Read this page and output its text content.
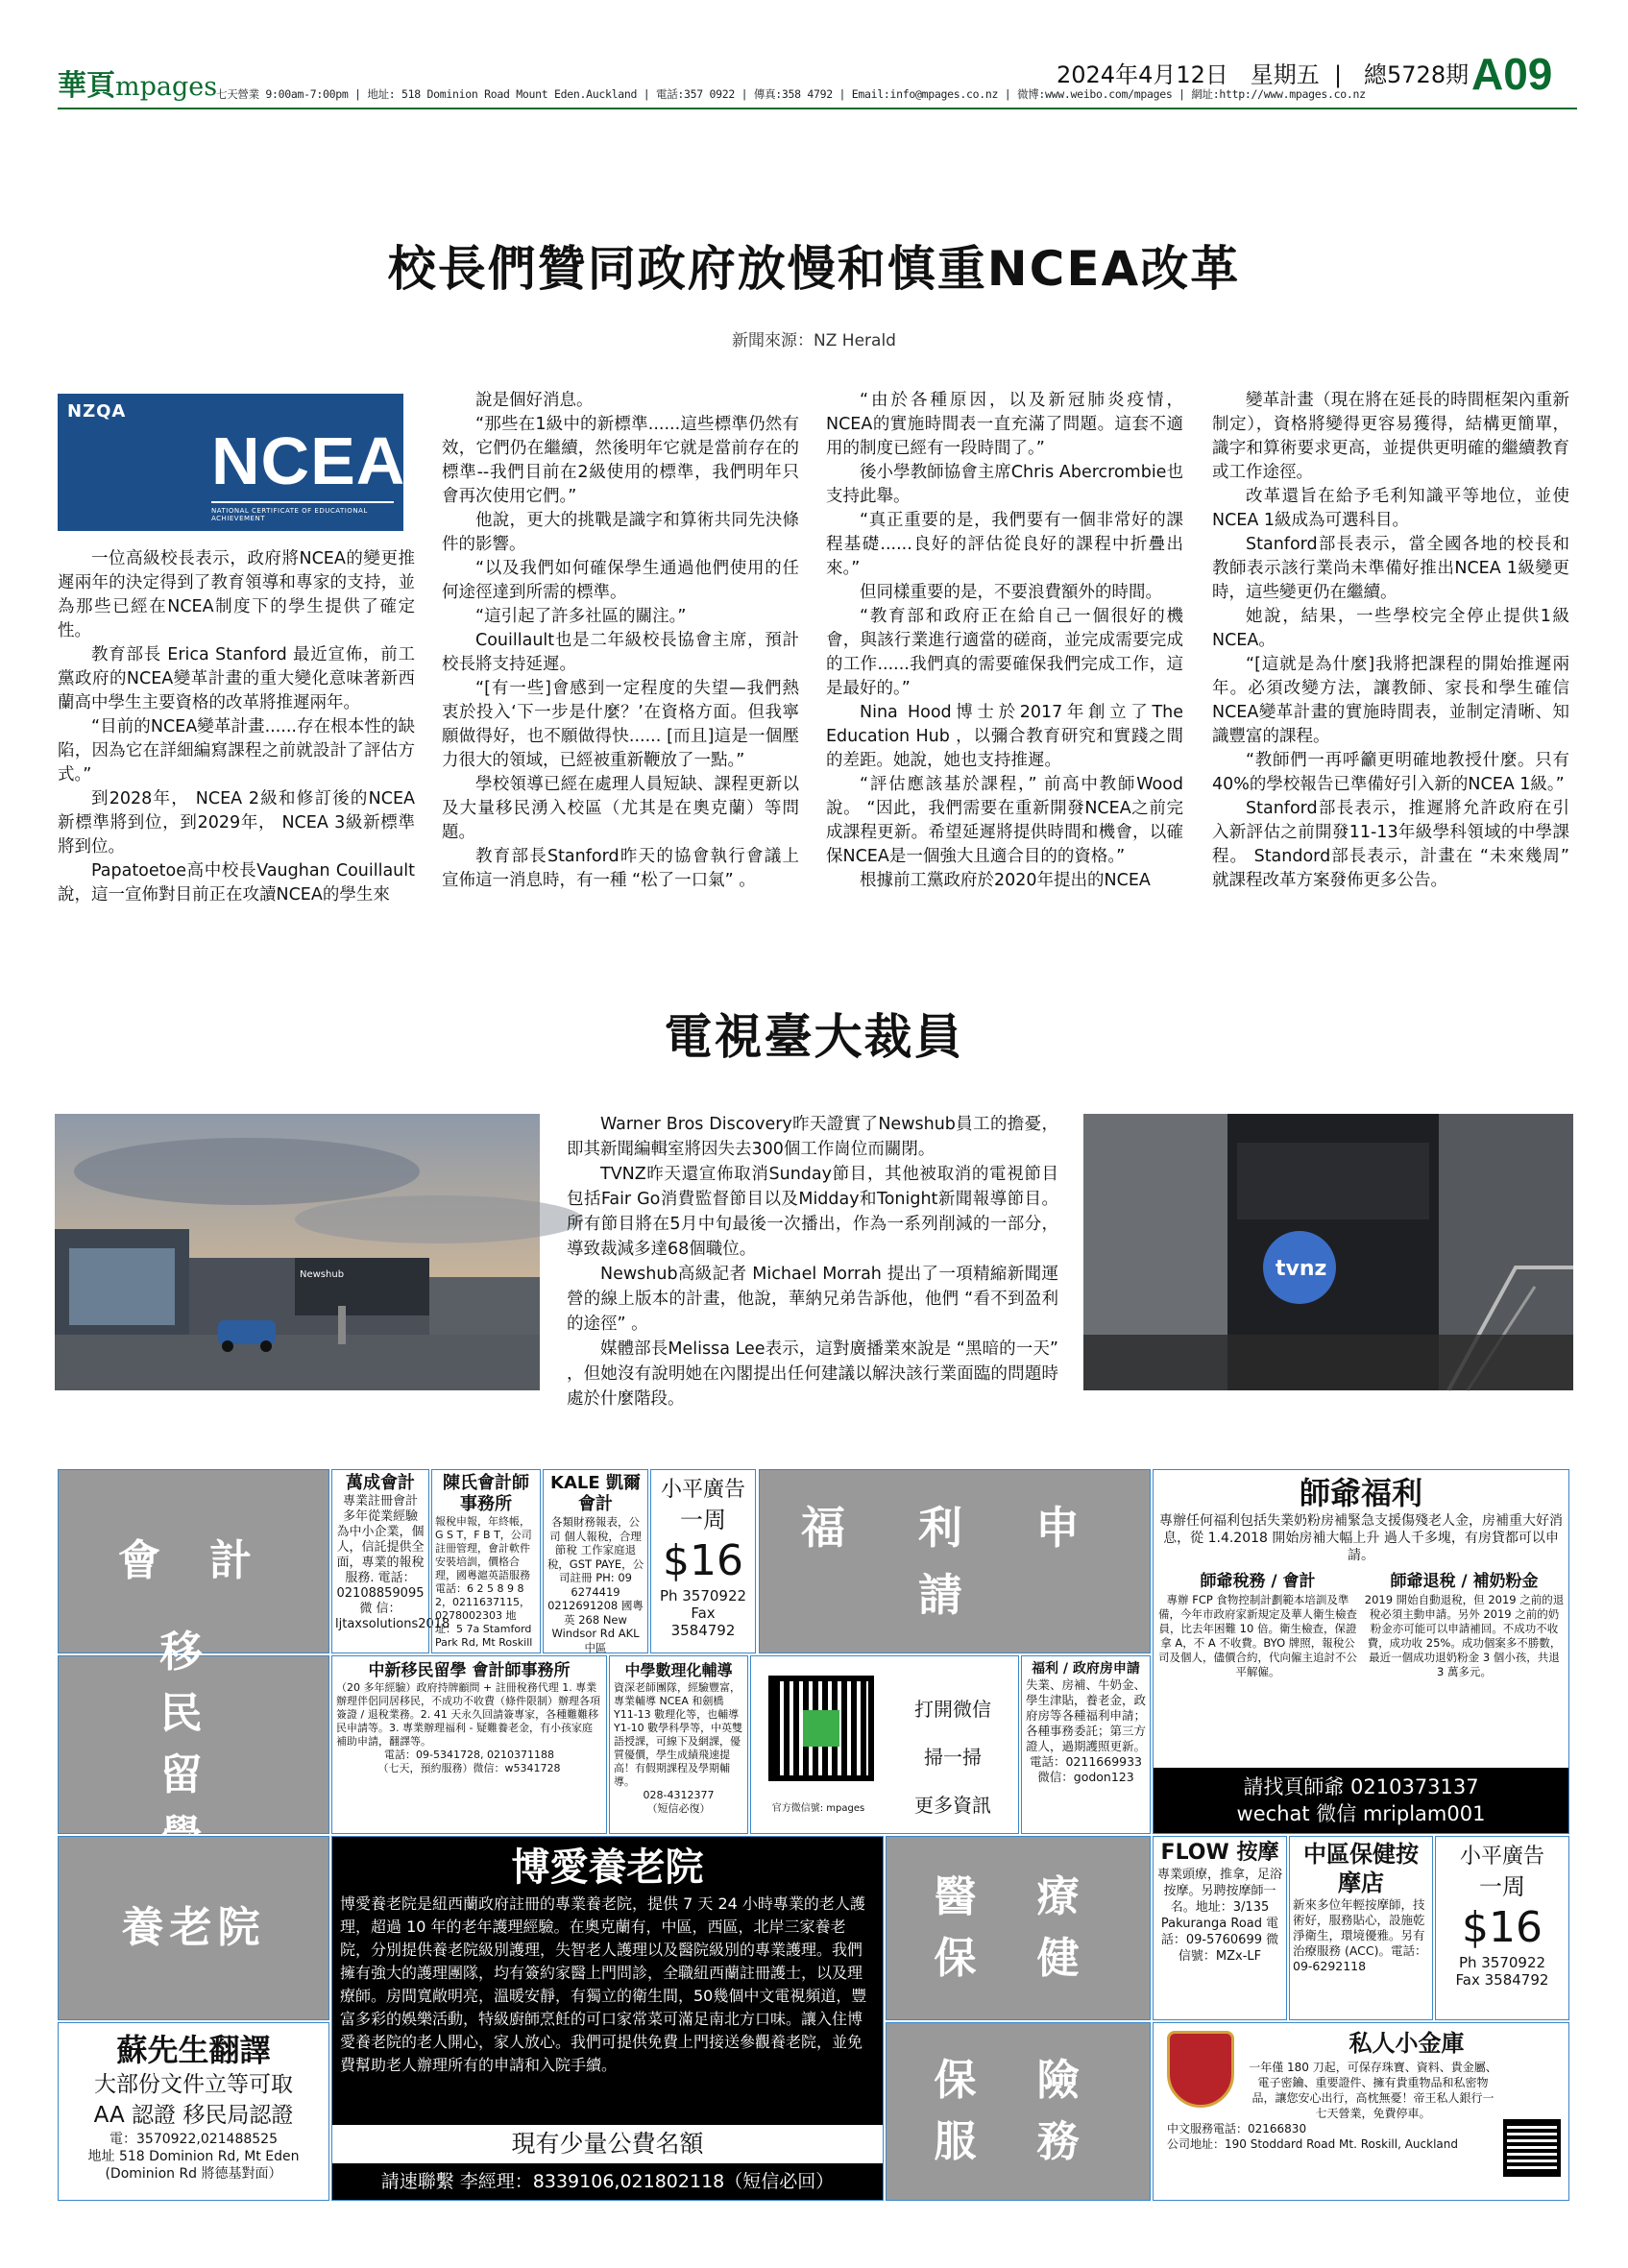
華頁mpages
七天營業 9:00am-7:00pm | 地址: 518 Dominion Road Mount Eden.Auckland | 電話:357 0922 | 傳真:358 4792 | Email:info@mpages.co.nz | 微博:www.weibo.com/mpages | 網址:http://www.mpages.co.nz
2024年4月12日 星期五  |   總5728期 A09
校長們贊同政府放慢和慎重NCEA改革
新聞來源：NZ Herald
NZQA
NCEA
NATIONAL CERTIFICATE OF EDUCATIONAL ACHIEVEMENT

一位高級校長表示，政府將NCEA的變更推遲兩年的決定得到了教育領導和專家的支持，並為那些已經在NCEA制度下的學生提供了確定性。

教育部長 Erica Stanford 最近宣佈，前工黨政府的NCEA變革計畫的重大變化意味著新西蘭高中學生主要資格的改革將推遲兩年。

“目前的NCEA變革計畫......存在根本性的缺陷，因為它在詳細編寫課程之前就設計了評估方式。”

到2028年， NCEA 2級和修訂後的NCEA新標準將到位，到2029年， NCEA 3級新標準將到位。

Papatoetoe高中校長Vaughan Couillault說，這一宣佈對目前正在攻讀NCEA的學生來

說是個好消息。

“那些在1級中的新標準......這些標準仍然有效，它們仍在繼續，然後明年它就是當前存在的標準--我們目前在2級使用的標準，我們明年只會再次使用它們。”

他說，更大的挑戰是識字和算術共同先決條件的影響。

“以及我們如何確保學生通過他們使用的任何途徑達到所需的標準。

“這引起了許多社區的關注。”

Couillault也是二年級校長協會主席，預計校長將支持延遲。

“[有一些]會感到一定程度的失望—我們熱衷於投入‘下一步是什麼？’在資格方面。但我寧願做得好，也不願做得快...... [而且]這是一個壓力很大的領域，已經被重新鞭放了一點。”

學校領導已經在處理人員短缺、課程更新以及大量移民湧入校區（尤其是在奧克蘭）等問題。

教育部長Stanford昨天的協會執行會議上宣佈這一消息時，有一種 “松了一口氣” 。

“由於各種原因，以及新冠肺炎疫情，NCEA的實施時間表一直充滿了問題。這套不適用的制度已經有一段時間了。”

後小學教師協會主席Chris Abercrombie也支持此舉。

“真正重要的是，我們要有一個非常好的課程基礎......良好的評估從良好的課程中折疊出來。”

但同樣重要的是，不要浪費額外的時間。

“教育部和政府正在給自己一個很好的機會，與該行業進行適當的磋商，並完成需要完成的工作......我們真的需要確保我們完成工作，這是最好的。”

Nina Hood博士於2017年創立了The Education Hub ，以彌合教育研究和實踐之間的差距。她說，她也支持推遲。

“評估應該基於課程，” 前高中教師Wood說。 “因此，我們需要在重新開發NCEA之前完成課程更新。希望延遲將提供時間和機會，以確保NCEA是一個強大且適合目的的資格。”

根據前工黨政府於2020年提出的NCEA

變革計畫（現在將在延長的時間框架內重新制定），資格將變得更容易獲得，結構更簡單，識字和算術要求更高，並提供更明確的繼續教育或工作途徑。

改革還旨在給予毛利知識平等地位，並使NCEA 1級成為可選科目。

Stanford部長表示，當全國各地的校長和教師表示該行業尚未準備好推出NCEA 1級變更時，這些變更仍在繼續。

她說，結果，一些學校完全停止提供1級NCEA。

“[這就是為什麼]我將把課程的開始推遲兩年。必須改變方法，讓教師、家長和學生確信NCEA變革計畫的實施時間表，並制定清晰、知識豐富的課程。

“教師們一再呼籲更明確地教授什麼。只有40%的學校報告已準備好引入新的NCEA 1級。”

Stanford部長表示，推遲將允許政府在引入新評估之前開發11-13年級學科領域的中學課程。 Standord部長表示，計畫在 “未來幾周” 就課程改革方案發佈更多公告。

電視臺大裁員
Newshub

Warner Bros Discovery昨天證實了Newshub員工的擔憂，即其新聞編輯室將因失去300個工作崗位而關閉。

TVNZ昨天還宣佈取消Sunday節目，其他被取消的電視節目包括Fair Go消費監督節目以及Midday和Tonight新聞報導節目。所有節目將在5月中旬最後一次播出，作為一系列削減的一部分，導致裁減多達68個職位。

Newshub高級記者 Michael Morrah 提出了一項精縮新聞運營的線上版本的計畫，他說，華納兄弟告訴他，他們 “看不到盈利的途徑” 。

媒體部長Melissa Lee表示，這對廣播業來說是 “黑暗的一天” ，但她沒有說明她在內閣提出任何建議以解決該行業面臨的問題時處於什麼階段。

tvnz
會 計
萬成會計
專業註冊會計 多年從業經驗 為中小企業，個人，信託提供全面，專業的報稅服務. 電話：02108859095 微 信：ljtaxsolutions2018
陳氏會計師事務所
報稅申報，年終帳，G S T，F B T，公司註冊管理，會計軟件安裝培訓，價格合理，國粵滬英語服務 電話：6 2 5 8 9 8 2，0211637115，0278002303 地址：5 7a Stamford Park Rd, Mt Roskill
KALE 凱爾會計
各類財務報表，公司 個人報稅，合理節稅 工作家庭退稅，GST PAYE，公司註冊 PH: 09 6274419 0212691208 國粵英 268 New Windsor Rd AKL 中區
小平廣告
一周
$16
Ph 3570922
Fax 3584792
福 利 申 請
師爺福利
專辦任何福利包括失業奶粉房補緊急支援傷殘老人金，房補重大好消息，從 1.4.2018 開始房補大幅上升 過人千多塊，有房貸都可以申請。
師爺稅務 / 會計
專辦 FCP 食物控制計劃範本培訓及準備，今年市政府家新規定及華人衛生檢查員，比去年困難 10 倍。衛生檢查，保證拿 A，不 A 不收費。BYO 牌照，報稅公司及個人，儘價合約，代向僱主追討不公平解僱。
師爺退稅 / 補奶粉金
2019 開始自動退稅，但 2019 之前的退稅必須主動申請。另外 2019 之前的奶粉金亦可能可以申請補回。不成功不收費，成功收 25%。成功個案多不勝數，最近一個成功退奶粉金 3 個小孩，共退 3 萬多元。
請找頁師爺 0210373137
wechat 微信 mriplam001
民 留
中新移民留學 會計師事務所
（20 多年經驗）政府持牌顧問 + 註冊稅務代理 1. 專業辦理伴侶同居移民，不成功不收費（條件限制）辦理各項簽證 / 退稅業務。2. 41 天永久回請簽專家，各種難難移民申請等。3. 專業辦理福利 - 疑難養老金，有小孩家庭補助申請，翻譯等。
電話：09-5341728, 0210371188
（七天，預約服務）微信：w5341728
中學數理化輔導
資深老師團隊，經驗豐富，專業輔導 NCEA 和劍橋 Y11-13 數理化等，也輔導 Y1-10 數學科學等，中英雙語授課，可線下及網課，優質優價，學生成績飛速提高！有假期課程及學期輔導。
028-4312377
（短信必復）	官方微信號: mpages
打開微信
掃一掃
更多資訊
福利 / 政府房申請
失業、房補、牛奶金、學生津貼，養老金，政府房等各種福利申請；各種事務委託；第三方證人，過期護照更新。
電話：0211669933
微信：godon123
養老院
博愛養老院
博愛養老院是紐西蘭政府註冊的專業養老院，提供 7 天 24 小時專業的老人護理，超過 10 年的老年護理經驗。在奧克蘭有，中區，西區，北岸三家養老院，分別提供養老院級別護理，失智老人護理以及醫院級別的專業護理。我們擁有強大的護理團隊，均有簽約家醫上門問診，全職紐西蘭註冊護士，以及理療師。房間寬敞明亮，溫暖安靜，有獨立的衛生間，50幾個中文電視頻道，豐富多彩的娛樂活動，特級廚師烹飪的可口家常菜可滿足南北方口味。讓入住博愛養老院的老人開心，家人放心。我們可提供免費上門接送參觀養老院，並免費幫助老人辦理所有的申請和入院手續。
現有少量公費名額
請速聯繫 李經理：8339106,021802118（短信必回）
醫 療 保 健
FLOW 按摩
專業頭療，推拿，足浴按摩。另聘按摩師一名。地址：3/135 Pakuranga Road 電話：09-5760699 微信號：MZx-LF
中區保健按摩店
新來多位年輕按摩師，技術好，服務貼心，設施乾淨衛生，環境優雅。另有治療服務 (ACC)。電話：09-6292118
小平廣告
一周
$16
Ph 3570922
Fax 3584792
蘇先生翻譯
大部份文件立等可取
AA 認證 移民局認證
電：3570922,021488525
地址 518 Dominion Rd, Mt Eden
(Dominion Rd 將德基對面）
保 險 服 務
私人小金庫
一年僅 180 刀起，可保存珠寶、資料、貴金屬、電子密鑰、重要證件、擁有貴重物品和私密物品，讓您安心出行，高枕無憂！帝王私人銀行一七天營業，免費停車。
中文服務電話：02166830
公司地址：190 Stoddard Road Mt. Roskill, Auckland
